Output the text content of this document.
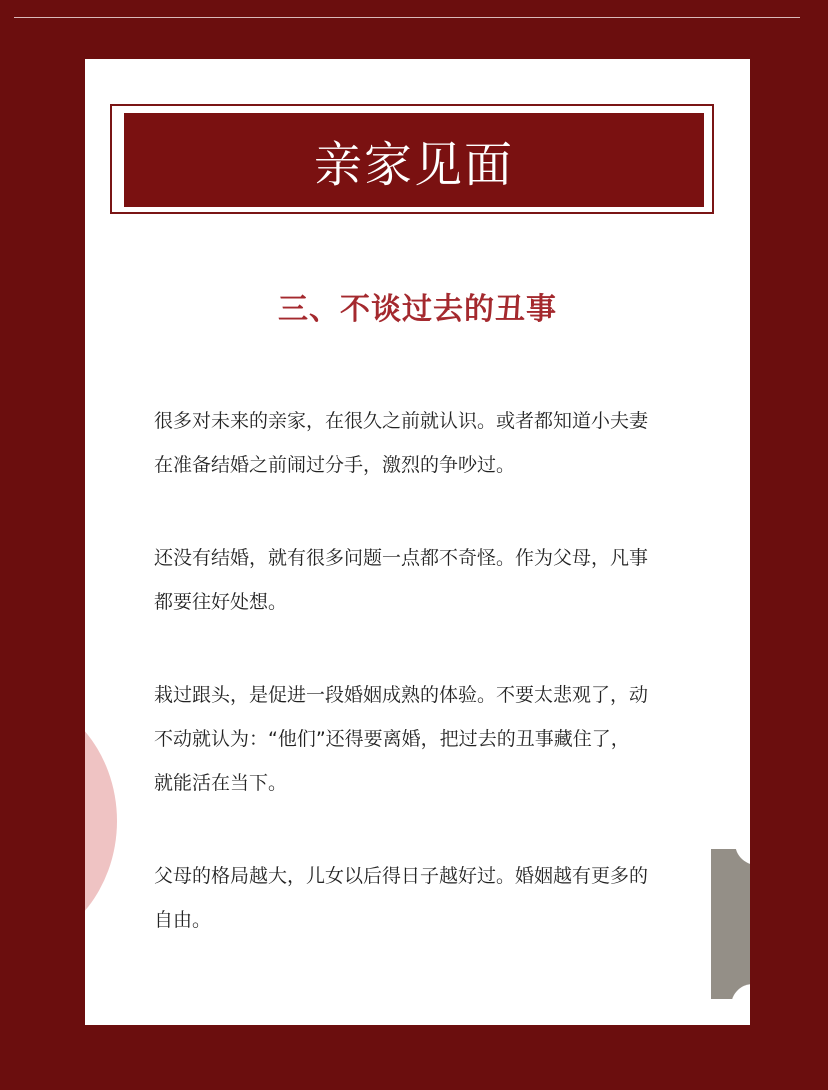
亲家见面
三、不谈过去的丑事

很多对未来的亲家，在很久之前就认识。或者都知道小夫妻
在准备结婚之前闹过分手，激烈的争吵过。

还没有结婚，就有很多问题一点都不奇怪。作为父母，凡事
都要往好处想。

栽过跟头，是促进一段婚姻成熟的体验。不要太悲观了，动
不动就认为：“他们”还得要离婚，把过去的丑事藏住了，
就能活在当下。

父母的格局越大，儿女以后得日子越好过。婚姻越有更多的
自由。
